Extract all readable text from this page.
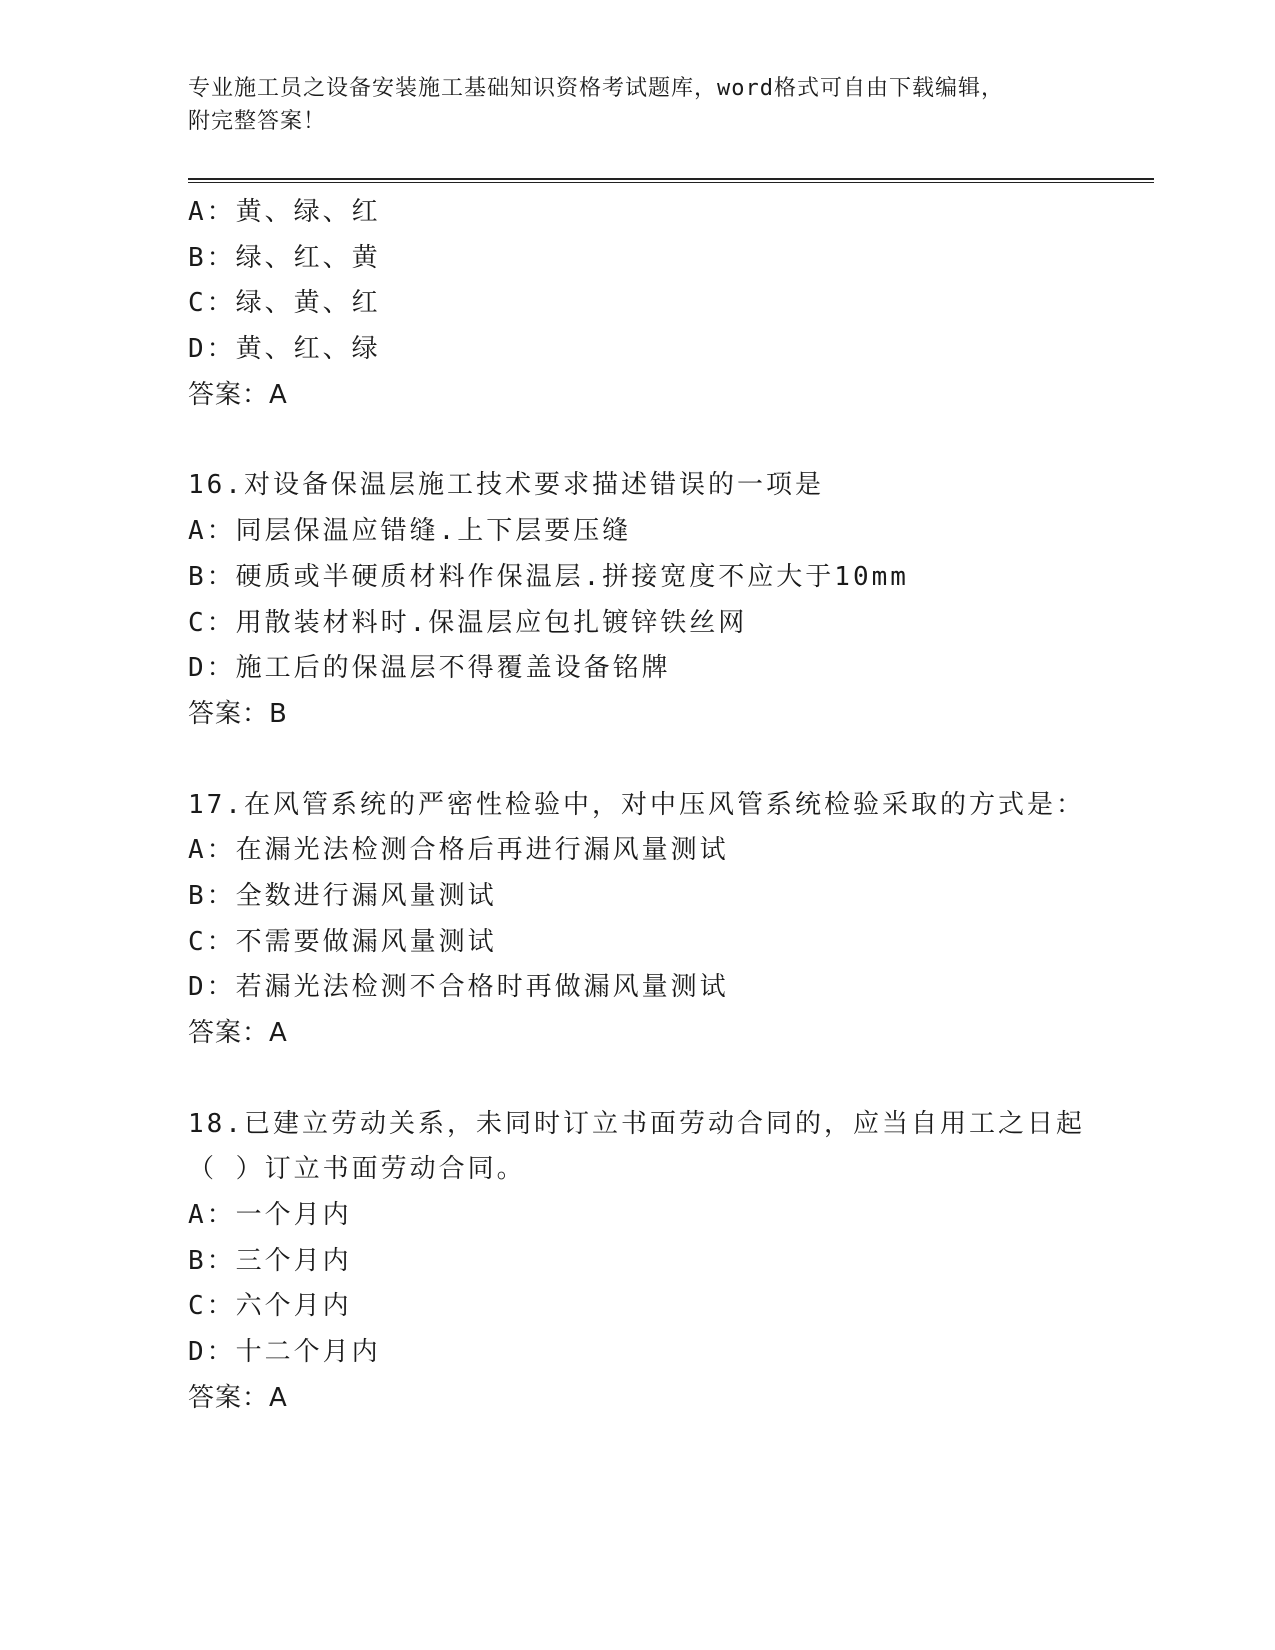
专业施工员之设备安装施工基础知识资格考试题库，word格式可自由下载编辑，
附完整答案！
A：黄、绿、红
B：绿、红、黄
C：绿、黄、红
D：黄、红、绿
答案：A
16.对设备保温层施工技术要求描述错误的一项是
A：同层保温应错缝.上下层要压缝
B：硬质或半硬质材料作保温层.拼接宽度不应大于10mm
C：用散装材料时.保温层应包扎镀锌铁丝网
D：施工后的保温层不得覆盖设备铭牌
答案：B
17.在风管系统的严密性检验中，对中压风管系统检验采取的方式是：
A：在漏光法检测合格后再进行漏风量测试
B：全数进行漏风量测试
C：不需要做漏风量测试
D：若漏光法检测不合格时再做漏风量测试
答案：A
18.已建立劳动关系，未同时订立书面劳动合同的，应当自用工之日起
（ ）订立书面劳动合同。
A：一个月内
B：三个月内
C：六个月内
D：十二个月内
答案：A
